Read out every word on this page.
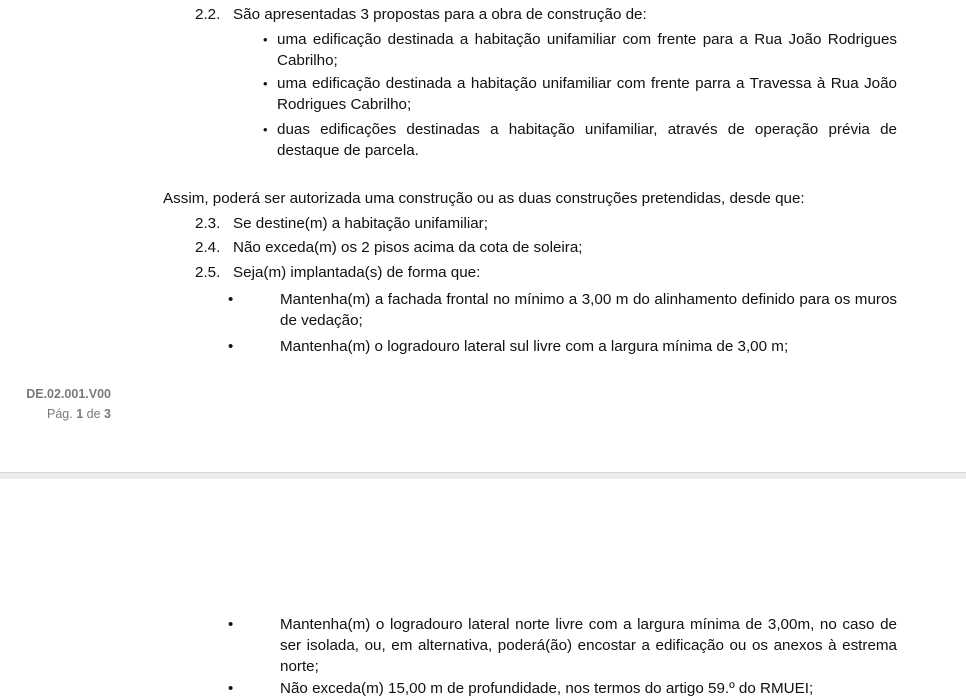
2.2. São apresentadas 3 propostas para a obra de construção de:
• uma edificação destinada a habitação unifamiliar com frente para a Rua João Rodrigues Cabrilho;
• uma edificação destinada a habitação unifamiliar com frente parra a Travessa à Rua João Rodrigues Cabrilho;
• duas edificações destinadas a habitação unifamiliar, através de operação prévia de destaque de parcela.
Assim, poderá ser autorizada uma construção ou as duas construções pretendidas, desde que:
2.3. Se destine(m) a habitação unifamiliar;
2.4. Não exceda(m) os 2 pisos acima da cota de soleira;
2.5. Seja(m) implantada(s) de forma que:
•	Mantenha(m) a fachada frontal no mínimo a 3,00 m do alinhamento definido para os muros de vedação;
•	Mantenha(m) o logradouro lateral sul livre com a largura mínima de 3,00 m;
DE.02.001.V00
Pág. 1 de 3
•	Mantenha(m) o logradouro lateral norte livre com a largura mínima de 3,00m, no caso de ser isolada, ou, em alternativa, poderá(ão) encostar a edificação ou os anexos à estrema norte;
•	Não exceda(m) 15,00 m de profundidade, nos termos do artigo 59.º do RMUEI;
